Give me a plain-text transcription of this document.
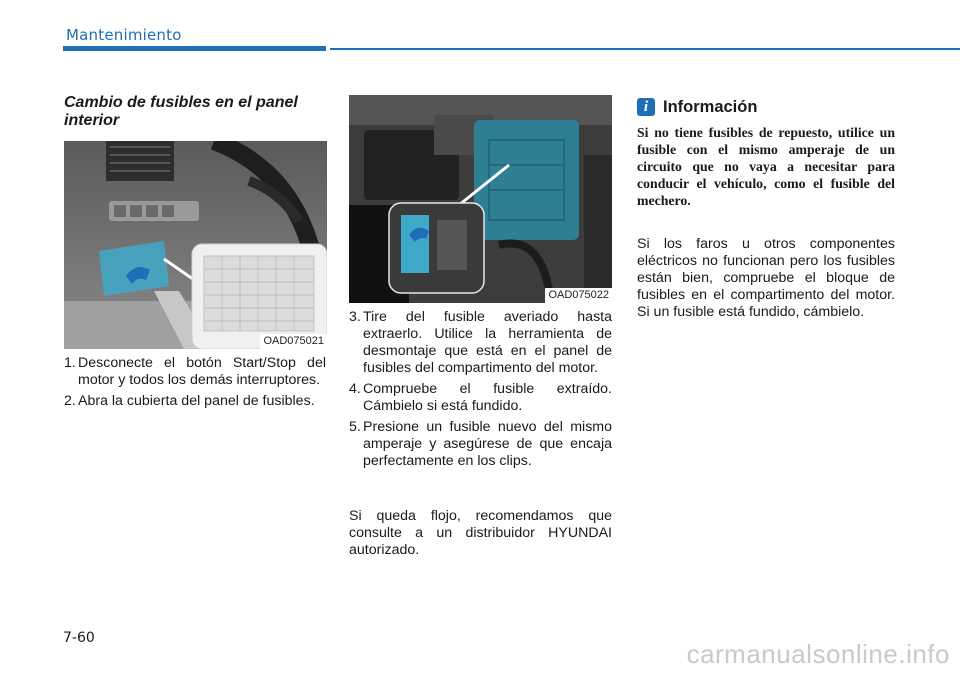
Mantenimiento
Cambio de fusibles en el panel interior
OAD075021
1. Desconecte el botón Start/Stop del motor y todos los demás interruptores.
2. Abra la cubierta del panel de fusibles.
OAD075022
3. Tire del fusible averiado hasta extraerlo. Utilice la herramienta de desmontaje que está en el panel de fusibles del compartimento del motor.
4. Compruebe el fusible extraído. Cámbielo si está fundido.
5. Presione un fusible nuevo del mismo amperaje y asegúrese de que encaja perfectamente en los clips.

Si queda flojo, recomendamos que consulte a un distribuidor HYUNDAI autorizado.

i Información

Si no tiene fusibles de repuesto, utilice un fusible con el mismo amperaje de un circuito que no vaya a necesitar para conducir el vehículo, como el fusible del mechero.

Si los faros u otros componentes eléctricos no funcionan pero los fusibles están bien, compruebe el bloque de fusibles en el compartimento del motor. Si un fusible está fundido, cámbielo.

7-60
carmanualsonline.info
